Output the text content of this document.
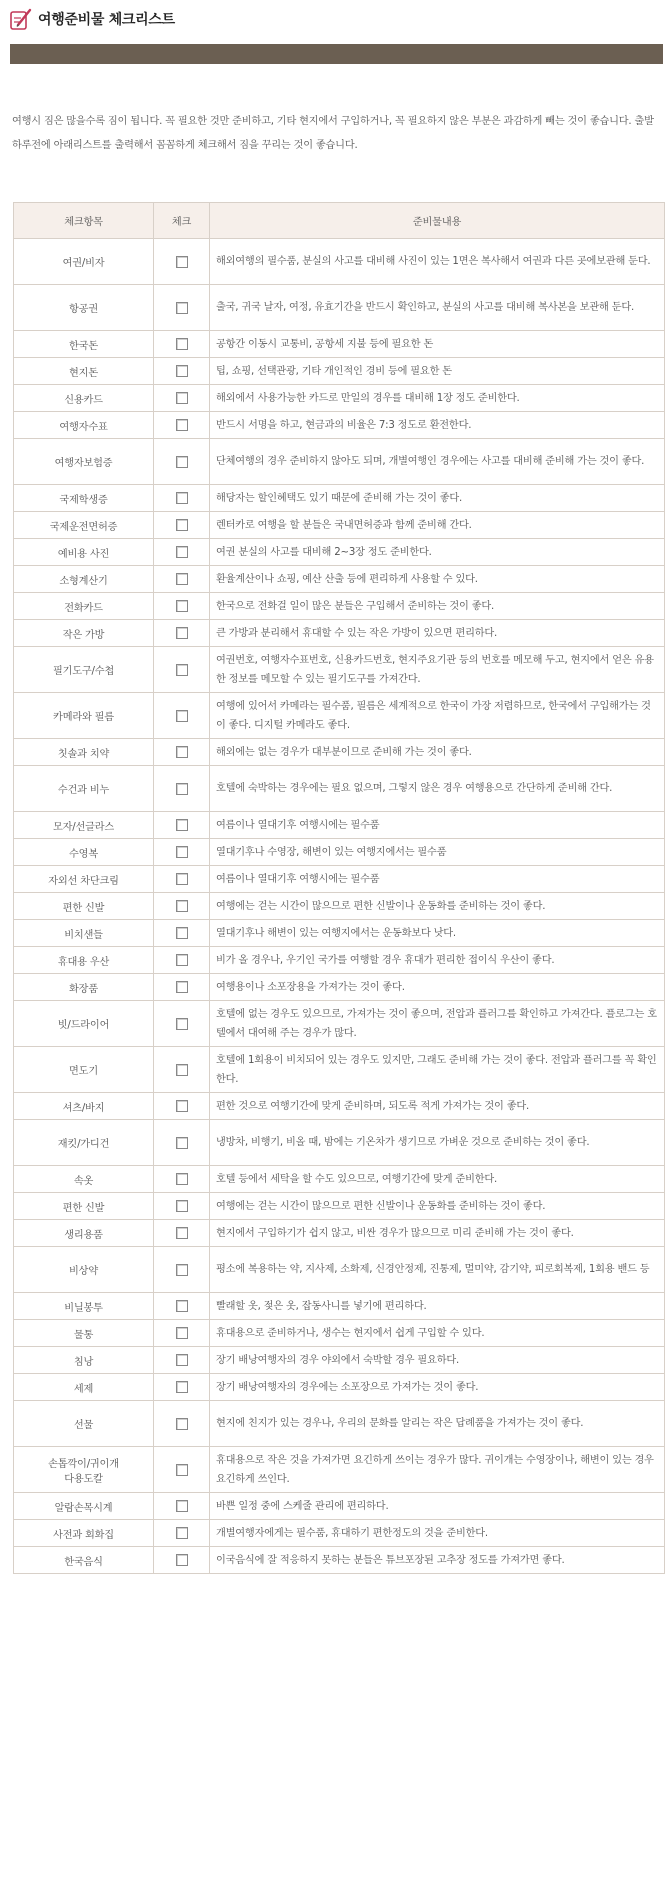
여행준비물 체크리스트
여행시 짐은 많을수록 짐이 됩니다. 꼭 필요한 것만 준비하고, 기타 현지에서 구입하거나, 꼭 필요하지 않은 부분은 과감하게 빼는 것이 좋습니다. 출발 하루전에 아래리스트를 출력해서 꼼꼼하게 체크해서 짐을 꾸리는 것이 좋습니다.
체크항목	체크	준비물내용
여권/비자		해외여행의 필수품, 분실의 사고를 대비해 사진이 있는 1면은 복사해서 여권과 다른 곳에보관해 둔다.
항공권		출국, 귀국 날자, 여정, 유효기간을 반드시 확인하고, 분실의 사고를 대비해 복사본을 보관해 둔다.
한국돈		공항간 이동시 교통비, 공항세 지불 등에 필요한 돈
현지돈		팁, 쇼핑, 선택관광, 기타 개인적인 경비 등에 필요한 돈
신용카드		해외에서 사용가능한 카드로 만일의 경우를 대비해 1장 정도 준비한다.
여행자수표		반드시 서명을 하고, 현금과의 비율은 7:3 정도로 환전한다.
여행자보험증		단체여행의 경우 준비하지 않아도 되며, 개별여행인 경우에는 사고를 대비해 준비해 가는 것이 좋다.
국제학생증		해당자는 할인혜택도 있기 때문에 준비해 가는 것이 좋다.
국제운전면허증		렌터카로 여행을 할 분들은 국내면허증과 함께 준비해 간다.
예비용 사진		여권 분실의 사고를 대비해 2~3장 정도 준비한다.
소형계산기		환율계산이나 쇼핑, 예산 산출 등에 편리하게 사용할 수 있다.
전화카드		한국으로 전화걸 일이 많은 분들은 구입해서 준비하는 것이 좋다.
작은 가방		큰 가방과 분리해서 휴대할 수 있는 작은 가방이 있으면 편리하다.
필기도구/수첩		여권번호, 여행자수표번호, 신용카드번호, 현지주요기관 등의 번호를 메모해 두고, 현지에서 얻은 유용한 정보를 메모할 수 있는 필기도구를 가져간다.
카메라와 필름		여행에 있어서 카메라는 필수품, 필름은 세계적으로 한국이 가장 저렴하므로, 한국에서 구입해가는 것이 좋다. 디지털 카메라도 좋다.
칫솔과 치약		해외에는 없는 경우가 대부분이므로 준비해 가는 것이 좋다.
수건과 비누		호텔에 숙박하는 경우에는 필요 없으며, 그렇지 않은 경우 여행용으로 간단하게 준비해 간다.
모자/선글라스		여름이나 열대기후 여행시에는 필수품
수영복		열대기후나 수영장, 해변이 있는 여행지에서는 필수품
자외선 차단크림		여름이나 열대기후 여행시에는 필수품
편한 신발		여행에는 걷는 시간이 많으므로 편한 신발이나 운동화를 준비하는 것이 좋다.
비치샌들		열대기후나 해변이 있는 여행지에서는 운동화보다 낫다.
휴대용 우산		비가 올 경우나, 우기인 국가를 여행할 경우 휴대가 편리한 접이식 우산이 좋다.
화장품		여행용이나 소포장용을 가져가는 것이 좋다.
빗/드라이어		호텔에 없는 경우도 있으므로, 가져가는 것이 좋으며, 전압과 플러그를 확인하고 가져간다. 플로그는 호텔에서 대여해 주는 경우가 많다.
면도기		호텔에 1회용이 비치되어 있는 경우도 있지만, 그래도 준비해 가는 것이 좋다. 전압과 플러그를 꼭 확인한다.
셔츠/바지		편한 것으로 여행기간에 맞게 준비하며, 되도록 적게 가져가는 것이 좋다.
재킷/가디건		냉방차, 비행기, 비올 때, 밤에는 기온차가 생기므로 가벼운 것으로 준비하는 것이 좋다.
속옷		호텔 등에서 세탁을 할 수도 있으므로, 여행기간에 맞게 준비한다.
편한 신발		여행에는 걷는 시간이 많으므로 편한 신발이나 운동화를 준비하는 것이 좋다.
생리용품		현지에서 구입하기가 쉽지 않고, 비싼 경우가 많으므로 미리 준비해 가는 것이 좋다.
비상약		평소에 복용하는 약, 지사제, 소화제, 신경안정제, 진통제, 멀미약, 감기약, 피로회복제, 1회용 밴드 등
비닐봉투		빨래할 옷, 젖은 옷, 잡동사니를 넣기에 편리하다.
물통		휴대용으로 준비하거나, 생수는 현지에서 쉽게 구입할 수 있다.
침낭		장기 배낭여행자의 경우 야외에서 숙박할 경우 필요하다.
세제		장기 배낭여행자의 경우에는 소포장으로 가져가는 것이 좋다.
선물		현지에 친지가 있는 경우나, 우리의 문화를 알리는 작은 답례품을 가져가는 것이 좋다.
손톱깍이/귀이개
다용도칼		휴대용으로 작은 것을 가져가면 요긴하게 쓰이는 경우가 많다. 귀이개는 수영장이나, 해변이 있는 경우 요긴하게 쓰인다.
알람손목시계		바쁜 일정 중에 스케줄 관리에 편리하다.
사전과 회화집		개별여행자에게는 필수품, 휴대하기 편한정도의 것을 준비한다.
한국음식		이국음식에 잘 적응하지 못하는 분들은 튜브포장된 고추장 정도를 가져가면 좋다.
